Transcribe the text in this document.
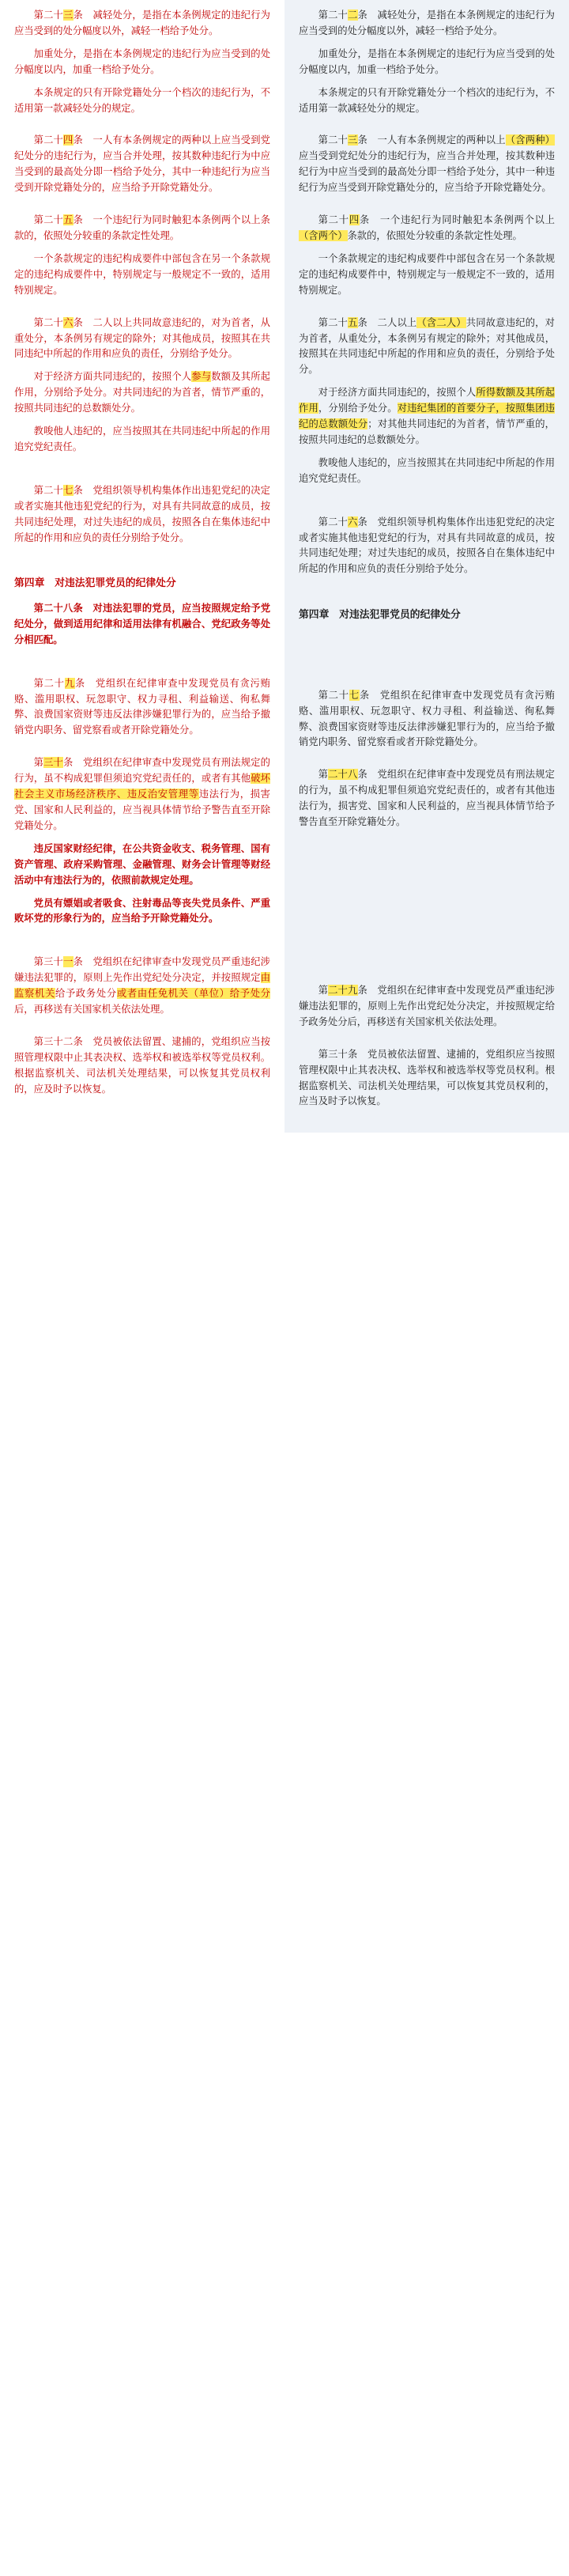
第二十三条　减轻处分，是指在本条例规定的违纪行为应当受到的处分幅度以外，减轻一档给予处分。

加重处分，是指在本条例规定的违纪行为应当受到的处分幅度以内，加重一档给予处分。

本条规定的只有开除党籍处分一个档次的违纪行为，不适用第一款减轻处分的规定。

第二十四条　一人有本条例规定的两种以上应当受到党纪处分的违纪行为，应当合并处理，按其数种违纪行为中应当受到的最高处分即一档给予处分，其中一种违纪行为应当受到开除党籍处分的，应当给予开除党籍处分。

第二十五条　一个违纪行为同时触犯本条例两个以上条款的，依照处分较重的条款定性处理。

一个条款规定的违纪构成要件中部包含在另一个条款规定的违纪构成要件中，特别规定与一般规定不一致的，适用特别规定。

第二十六条　二人以上共同故意违纪的，对为首者，从重处分，本条例另有规定的除外；对其他成员，按照其在共同违纪中所起的作用和应负的责任，分别给予处分。

对于经济方面共同违纪的，按照个人参与数额及其所起作用，分别给予处分。对共同违纪的为首者，情节严重的，按照共同违纪的总数额处分。

教唆他人违纪的，应当按照其在共同违纪中所起的作用追究党纪责任。

第二十七条　党组织领导机构集体作出违犯党纪的决定或者实施其他违犯党纪的行为，对具有共同故意的成员，按共同违纪处理，对过失违纪的成员，按照各自在集体违纪中所起的作用和应负的责任分别给予处分。

第四章　对违法犯罪党员的纪律处分

第二十八条　对违法犯罪的党员，应当按照规定给予党纪处分，做到适用纪律和适用法律有机融合、党纪政务等处分相匹配。

第二十九条　党组织在纪律审查中发现党员有贪污贿赂、滥用职权、玩忽职守、权力寻租、利益输送、徇私舞弊、浪费国家资财等违反法律涉嫌犯罪行为的，应当给予撤销党内职务、留党察看或者开除党籍处分。

第三十条　党组织在纪律审查中发现党员有刑法规定的行为，虽不构成犯罪但须追究党纪责任的，或者有其他破坏社会主义市场经济秩序、违反治安管理等违法行为，损害党、国家和人民利益的，应当视具体情节给予警告直至开除党籍处分。

违反国家财经纪律，在公共资金收支、税务管理、国有资产管理、政府采购管理、金融管理、财务会计管理等财经活动中有违法行为的，依照前款规定处理。

党员有嫖娼或者吸食、注射毒品等丧失党员条件、严重败坏党的形象行为的，应当给予开除党籍处分。

第三十一条　党组织在纪律审查中发现党员严重违纪涉嫌违法犯罪的，原则上先作出党纪处分决定，并按照规定由监察机关给予政务处分或者由任免机关（单位）给予处分后，再移送有关国家机关依法处理。

第三十二条　党员被依法留置、逮捕的，党组织应当按照管理权限中止其表决权、选举权和被选举权等党员权利。根据监察机关、司法机关处理结果，可以恢复其党员权利的，应及时予以恢复。

第二十二条　减轻处分，是指在本条例规定的违纪行为应当受到的处分幅度以外，减轻一档给予处分。

加重处分，是指在本条例规定的违纪行为应当受到的处分幅度以内，加重一档给予处分。

本条规定的只有开除党籍处分一个档次的违纪行为，不适用第一款减轻处分的规定。

第二十三条　一人有本条例规定的两种以上（含两种）应当受到党纪处分的违纪行为，应当合并处理，按其数种违纪行为中应当受到的最高处分即一档给予处分，其中一种违纪行为应当受到开除党籍处分的，应当给予开除党籍处分。

第二十四条　一个违纪行为同时触犯本条例两个以上（含两个）条款的，依照处分较重的条款定性处理。

一个条款规定的违纪构成要件中部包含在另一个条款规定的违纪构成要件中，特别规定与一般规定不一致的，适用特别规定。

第二十五条　二人以上（含二人）共同故意违纪的，对为首者，从重处分，本条例另有规定的除外；对其他成员，按照其在共同违纪中所起的作用和应负的责任，分别给予处分。

对于经济方面共同违纪的，按照个人所得数额及其所起作用，分别给予处分。对违纪集团的首要分子，按照集团违纪的总数额处分；对其他共同违纪的为首者，情节严重的，按照共同违纪的总数额处分。

教唆他人违纪的，应当按照其在共同违纪中所起的作用追究党纪责任。

第二十六条　党组织领导机构集体作出违犯党纪的决定或者实施其他违犯党纪的行为，对具有共同故意的成员，按共同违纪处理；对过失违纪的成员，按照各自在集体违纪中所起的作用和应负的责任分别给予处分。

第四章　对违法犯罪党员的纪律处分

第二十七条　党组织在纪律审查中发现党员有贪污贿赂、滥用职权、玩忽职守、权力寻租、利益输送、徇私舞弊、浪费国家资财等违反法律涉嫌犯罪行为的，应当给予撤销党内职务、留党察看或者开除党籍处分。

第二十八条　党组织在纪律审查中发现党员有刑法规定的行为，虽不构成犯罪但须追究党纪责任的，或者有其他违法行为，损害党、国家和人民利益的，应当视具体情节给予警告直至开除党籍处分。

第二十九条　党组织在纪律审查中发现党员严重违纪涉嫌违法犯罪的，原则上先作出党纪处分决定，并按照规定给予政务处分后，再移送有关国家机关依法处理。

第三十条　党员被依法留置、逮捕的，党组织应当按照管理权限中止其表决权、选举权和被选举权等党员权利。根据监察机关、司法机关处理结果，可以恢复其党员权利的，应当及时予以恢复。
